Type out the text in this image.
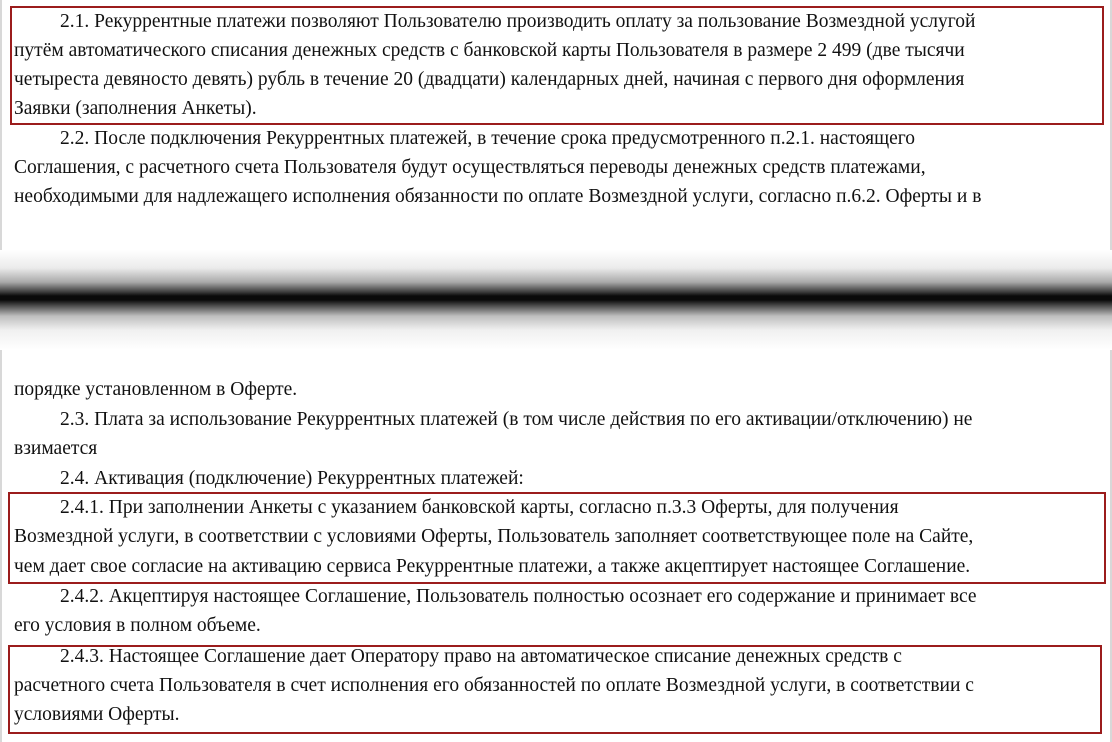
2.1. Рекуррентные платежи позволяют Пользователю производить оплату за пользование Возмездной услугой
путём автоматического списания денежных средств с банковской карты Пользователя в размере 2 499 (две тысячи
четыреста девяносто девять) рубль в течение 20 (двадцати) календарных дней, начиная с первого дня оформления
Заявки (заполнения Анкеты).
2.2. После подключения Рекуррентных платежей, в течение срока предусмотренного п.2.1. настоящего
Соглашения, с расчетного счета Пользователя будут осуществляться переводы денежных средств платежами,
необходимыми для надлежащего исполнения обязанности по оплате Возмездной услуги, согласно п.6.2. Оферты и в
порядке установленном в Оферте.
2.3. Плата за использование Рекуррентных платежей (в том числе действия по его активации/отключению) не
взимается
2.4. Активация (подключение) Рекуррентных платежей:
2.4.1. При заполнении Анкеты с указанием банковской карты, согласно п.3.3 Оферты, для получения
Возмездной услуги, в соответствии с условиями Оферты, Пользователь заполняет соответствующее поле на Сайте,
чем дает свое согласие на активацию сервиса Рекуррентные платежи, а также акцептирует настоящее Соглашение.
2.4.2. Акцептируя настоящее Соглашение, Пользователь полностью осознает его содержание и принимает все
его условия в полном объеме.
2.4.3. Настоящее Соглашение дает Оператору право на автоматическое списание денежных средств с
расчетного счета Пользователя в счет исполнения его обязанностей по оплате Возмездной услуги, в соответствии с
условиями Оферты.
